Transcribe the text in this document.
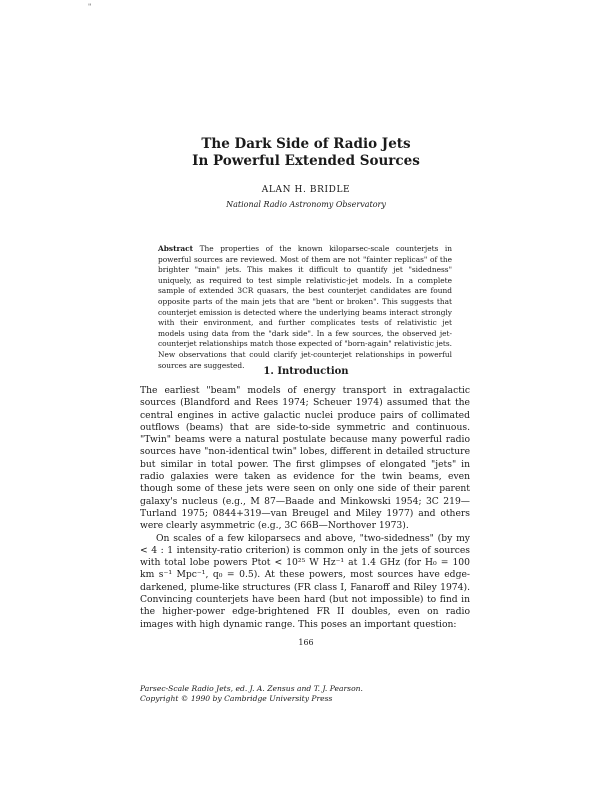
"
The Dark Side of Radio Jets
In Powerful Extended Sources
ALAN H. BRIDLE
National Radio Astronomy Observatory
Abstract The properties of the known kiloparsec-scale counterjets in powerful sources are reviewed. Most of them are not "fainter replicas" of the brighter "main" jets. This makes it difficult to quantify jet "sidedness" uniquely, as required to test simple relativistic-jet models. In a complete sample of extended 3CR quasars, the best counterjet candidates are found opposite parts of the main jets that are "bent or broken". This suggests that counterjet emission is detected where the underlying beams interact strongly with their environment, and further complicates tests of relativistic jet models using data from the "dark side". In a few sources, the observed jet-counterjet relationships match those expected of "born-again" relativistic jets. New observations that could clarify jet-counterjet relationships in powerful sources are suggested.
1. Introduction

The earliest "beam" models of energy transport in extragalactic sources (Blandford and Rees 1974; Scheuer 1974) assumed that the central engines in active galactic nuclei produce pairs of collimated outflows (beams) that are side-to-side symmetric and continuous. "Twin" beams were a natural postulate because many powerful radio sources have "non-identical twin" lobes, different in detailed structure but similar in total power. The first glimpses of elongated "jets" in radio galaxies were taken as evidence for the twin beams, even though some of these jets were seen on only one side of their parent galaxy's nucleus (e.g., M 87—Baade and Minkowski 1954; 3C 219—Turland 1975; 0844+319—van Breugel and Miley 1977) and others were clearly asymmetric (e.g., 3C 66B—Northover 1973).

On scales of a few kiloparsecs and above, "two-sidedness" (by my < 4 : 1 intensity-ratio criterion) is common only in the jets of sources with total lobe powers Ptot < 10²⁵ W Hz⁻¹ at 1.4 GHz (for H₀ = 100 km s⁻¹ Mpc⁻¹, q₀ = 0.5). At these powers, most sources have edge-darkened, plume-like structures (FR class I, Fanaroff and Riley 1974). Convincing counterjets have been hard (but not impossible) to find in the higher-power edge-brightened FR II doubles, even on radio images with high dynamic range. This poses an important question:

166
Parsec-Scale Radio Jets, ed. J. A. Zensus and T. J. Pearson.
Copyright © 1990 by Cambridge University Press
